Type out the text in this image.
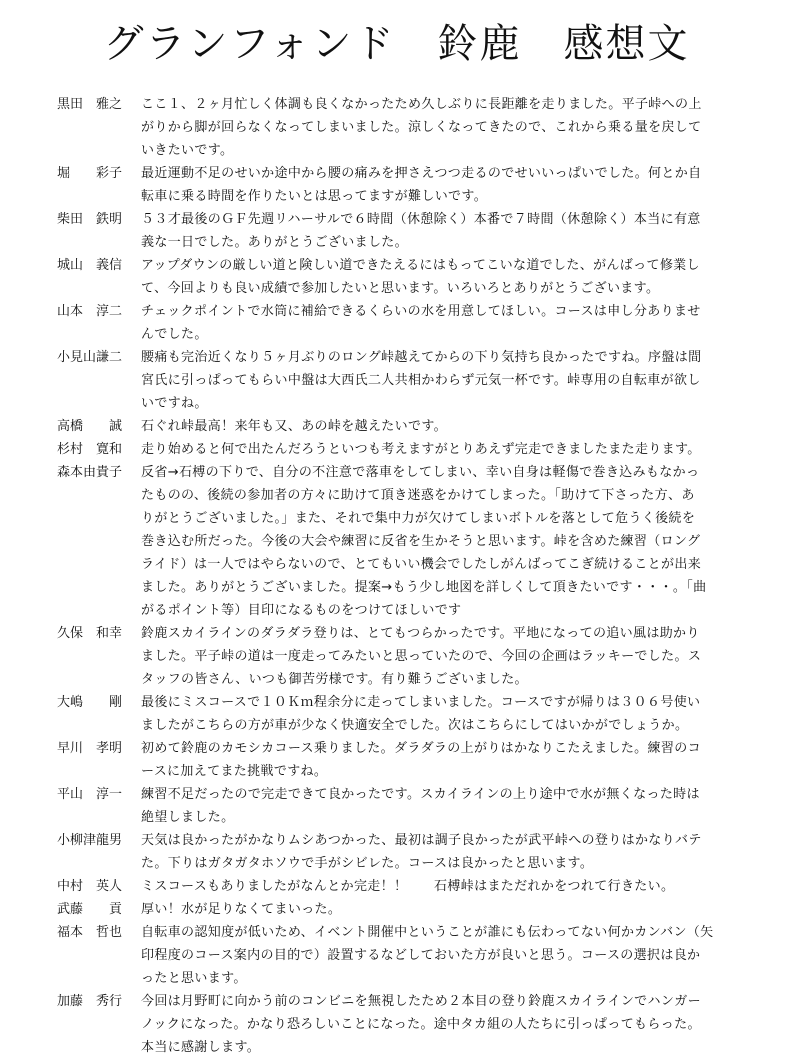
グランフォンド　鈴鹿　感想文
黒田　雅之	ここ１、２ヶ月忙しく体調も良くなかったため久しぶりに長距離を走りました。平子峠への上
がりから脚が回らなくなってしまいました。涼しくなってきたので、これから乗る量を戻して
いきたいです。
堀　　彩子	最近運動不足のせいか途中から腰の痛みを押さえつつ走るのでせいいっぱいでした。何とか自
転車に乗る時間を作りたいとは思ってますが難しいです。
柴田　鉄明	５３才最後のＧＦ先週リハーサルで６時間（休憩除く）本番で７時間（休憩除く）本当に有意
義な一日でした。ありがとうございました。
城山　義信	アップダウンの厳しい道と険しい道できたえるにはもってこいな道でした、がんばって修業し
て、今回よりも良い成績で参加したいと思います。いろいろとありがとうございます。
山本　淳二	チェックポイントで水筒に補給できるくらいの水を用意してほしい。コースは申し分ありませ
んでした。
小見山謙二	腰痛も完治近くなり５ヶ月ぶりのロング峠越えてからの下り気持ち良かったですね。序盤は間
宮氏に引っぱってもらい中盤は大西氏二人共相かわらず元気一杯です。峠専用の自転車が欲し
いですね。
高橋　　誠	石ぐれ峠最高！来年も又、あの峠を越えたいです。
杉村　寛和	走り始めると何で出たんだろうといつも考えますがとりあえず完走できましたまた走ります。
森本由貴子	反省→石榑の下りで、自分の不注意で落車をしてしまい、幸い自身は軽傷で巻き込みもなかっ
たものの、後続の参加者の方々に助けて頂き迷惑をかけてしまった。「助けて下さった方、あ
りがとうございました。」また、それで集中力が欠けてしまいボトルを落として危うく後続を
巻き込む所だった。今後の大会や練習に反省を生かそうと思います。峠を含めた練習（ロング
ライド）は一人ではやらないので、とてもいい機会でしたしがんばってこぎ続けることが出来
ました。ありがとうございました。提案→もう少し地図を詳しくして頂きたいです・・・。「曲
がるポイント等）目印になるものをつけてほしいです
久保　和幸	鈴鹿スカイラインのダラダラ登りは、とてもつらかったです。平地になっての追い風は助かり
ました。平子峠の道は一度走ってみたいと思っていたので、今回の企画はラッキーでした。ス
タッフの皆さん、いつも御苦労様です。有り難うございました。
大嶋　　剛	最後にミスコースで１０Ｋｍ程余分に走ってしまいました。コースですが帰りは３０６号使い
ましたがこちらの方が車が少なく快適安全でした。次はこちらにしてはいかがでしょうか。
早川　孝明	初めて鈴鹿のカモシカコース乗りました。ダラダラの上がりはかなりこたえました。練習のコ
ースに加えてまた挑戦ですね。
平山　淳一	練習不足だったので完走できて良かったです。スカイラインの上り途中で水が無くなった時は
絶望しました。
小柳津龍男	天気は良かったがかなりムシあつかった、最初は調子良かったが武平峠への登りはかなりバテ
た。下りはガタガタホソウで手がシビレた。コースは良かったと思います。
中村　英人	ミスコースもありましたがなんとか完走！！　　石榑峠はまただれかをつれて行きたい。
武藤　　貢	厚い！水が足りなくてまいった。
福本　哲也	自転車の認知度が低いため、イベント開催中ということが誰にも伝わってない何かカンバン（矢
印程度のコース案内の目的で）設置するなどしておいた方が良いと思う。コースの選択は良か
ったと思います。
加藤　秀行	今回は月野町に向かう前のコンビニを無視したため２本目の登り鈴鹿スカイラインでハンガー
ノックになった。かなり恐ろしいことになった。途中タカ組の人たちに引っぱってもらった。
本当に感謝します。
